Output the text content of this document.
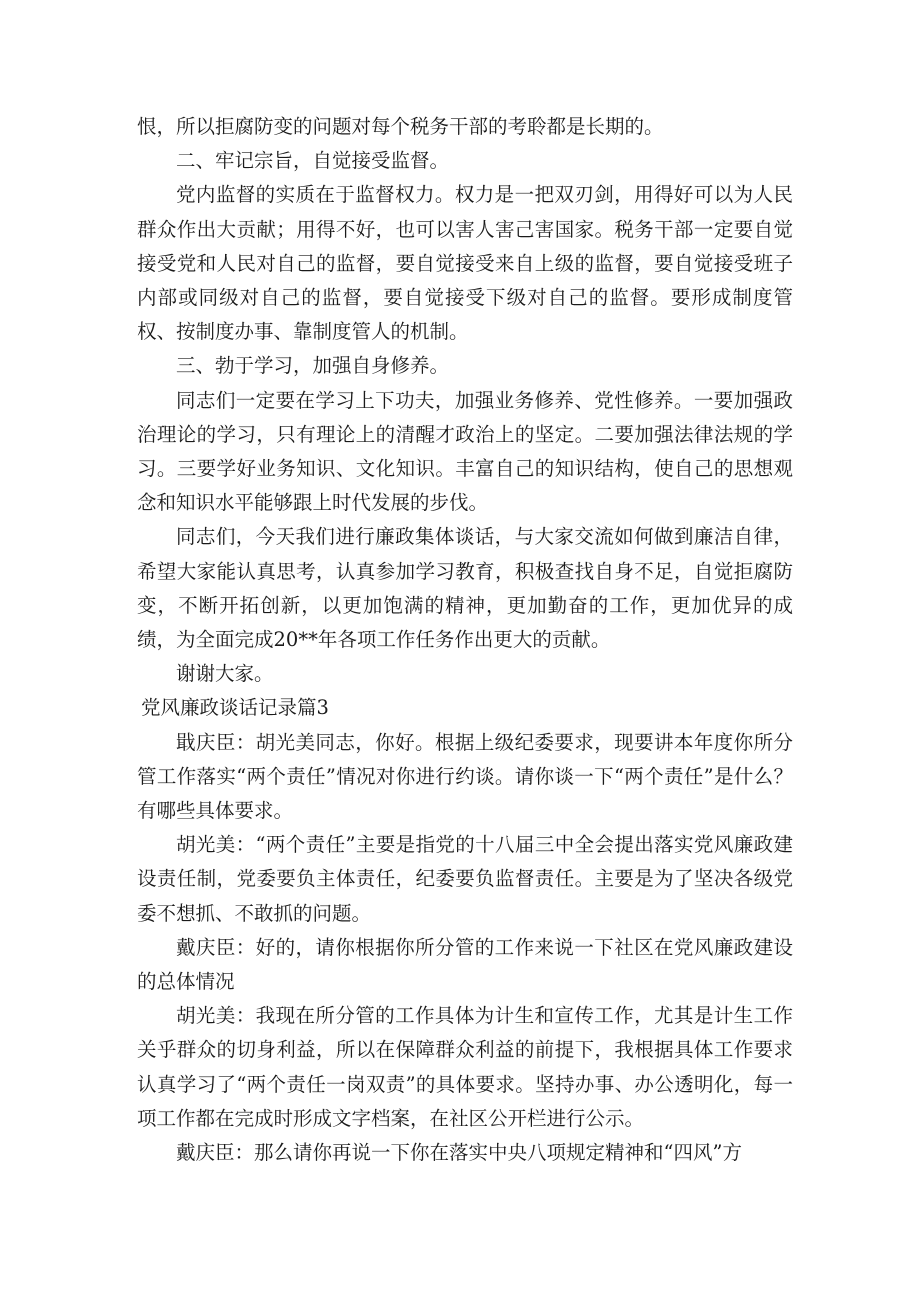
恨，所以拒腐防变的问题对每个税务干部的考聆都是长期的。

二、牢记宗旨，自觉接受监督。

党内监督的实质在于监督权力。权力是一把双刃剑，用得好可以为人民群众作出大贡献；用得不好，也可以害人害己害国家。税务干部一定要自觉接受党和人民对自己的监督，要自觉接受来自上级的监督，要自觉接受班子内部或同级对自己的监督，要自觉接受下级对自己的监督。要形成制度管权、按制度办事、靠制度管人的机制。

三、勃于学习，加强自身修养。

同志们一定要在学习上下功夫，加强业务修养、党性修养。一要加强政治理论的学习，只有理论上的清醒才政治上的坚定。二要加强法律法规的学习。三要学好业务知识、文化知识。丰富自己的知识结构，使自己的思想观念和知识水平能够跟上时代发展的步伐。

同志们，今天我们进行廉政集体谈话，与大家交流如何做到廉洁自律，希望大家能认真思考，认真参加学习教育，积极查找自身不足，自觉拒腐防变，不断开拓创新，以更加饱满的精神，更加勤奋的工作，更加优异的成绩，为全面完成20**年各项工作任务作出更大的贡献。

谢谢大家。

党风廉政谈话记录篇3

戢庆臣：胡光美同志，你好。根据上级纪委要求，现要讲本年度你所分管工作落实“两个责任”情况对你进行约谈。请你谈一下“两个责任”是什么？有哪些具体要求。

胡光美：“两个责任”主要是指党的十八届三中全会提出落实党风廉政建设责任制，党委要负主体责任，纪委要负监督责任。主要是为了坚决各级党委不想抓、不敢抓的问题。

戴庆臣：好的，请你根据你所分管的工作来说一下社区在党风廉政建设的总体情况

胡光美：我现在所分管的工作具体为计生和宣传工作，尤其是计生工作关乎群众的切身利益，所以在保障群众利益的前提下，我根据具体工作要求认真学习了“两个责任一岗双责”的具体要求。坚持办事、办公透明化，每一项工作都在完成时形成文字档案，在社区公开栏进行公示。

戴庆臣：那么请你再说一下你在落实中央八项规定精神和“四风”方
